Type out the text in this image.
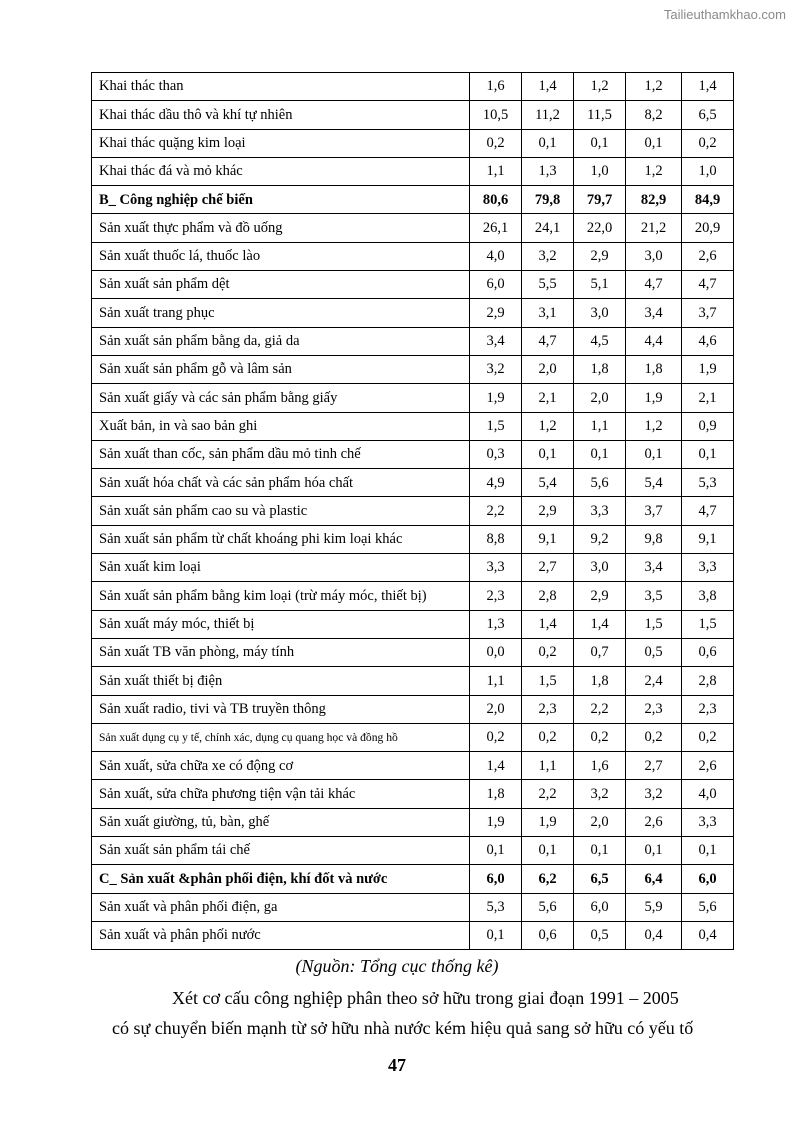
Tailieuthamkhao.com
Khai thác than	1,6	1,4	1,2	1,2	1,4
Khai thác dầu thô và khí tự nhiên	10,5	11,2	11,5	8,2	6,5
Khai thác quặng kim loại	0,2	0,1	0,1	0,1	0,2
Khai thác đá và mỏ khác	1,1	1,3	1,0	1,2	1,0
B_ Công nghiệp chế biến	80,6	79,8	79,7	82,9	84,9
Sản xuất thực phẩm và đồ uống	26,1	24,1	22,0	21,2	20,9
Sản xuất thuốc lá, thuốc lào	4,0	3,2	2,9	3,0	2,6
Sản xuất sản phẩm dệt	6,0	5,5	5,1	4,7	4,7
Sản xuất trang phục	2,9	3,1	3,0	3,4	3,7
Sản xuất sản phẩm bằng da, giả da	3,4	4,7	4,5	4,4	4,6
Sản xuất sản phẩm gỗ và lâm sản	3,2	2,0	1,8	1,8	1,9
Sản xuất giấy và các sản phẩm bằng giấy	1,9	2,1	2,0	1,9	2,1
Xuất bản, in và sao bản ghi	1,5	1,2	1,1	1,2	0,9
Sản xuất than cốc, sản phẩm dầu mỏ tinh chế	0,3	0,1	0,1	0,1	0,1
Sản xuất hóa chất và các sản phẩm hóa chất	4,9	5,4	5,6	5,4	5,3
Sản xuất sản phẩm cao su và plastic	2,2	2,9	3,3	3,7	4,7
Sản xuất sản phẩm từ chất khoáng phi kim loại khác	8,8	9,1	9,2	9,8	9,1
Sản xuất kim loại	3,3	2,7	3,0	3,4	3,3
Sản xuất sản phẩm bằng kim loại (trừ máy móc, thiết bị)	2,3	2,8	2,9	3,5	3,8
Sản xuất máy móc, thiết bị	1,3	1,4	1,4	1,5	1,5
Sản xuất TB văn phòng, máy tính	0,0	0,2	0,7	0,5	0,6
Sản xuất thiết bị điện	1,1	1,5	1,8	2,4	2,8
Sản xuất radio, tivi và TB truyền thông	2,0	2,3	2,2	2,3	2,3
Sản xuất dụng cụ y tế, chính xác, dụng cụ quang học và đồng hồ	0,2	0,2	0,2	0,2	0,2
Sản xuất, sửa chữa xe có động cơ	1,4	1,1	1,6	2,7	2,6
Sản xuất, sửa chữa phương tiện vận tải khác	1,8	2,2	3,2	3,2	4,0
Sản xuất giường, tủ, bàn, ghế	1,9	1,9	2,0	2,6	3,3
Sản xuất sản phẩm tái chế	0,1	0,1	0,1	0,1	0,1
C_ Sản xuất &phân phối điện, khí đốt và nước	6,0	6,2	6,5	6,4	6,0
Sản xuất và phân phối điện, ga	5,3	5,6	6,0	5,9	5,6
Sản xuất và phân phối nước	0,1	0,6	0,5	0,4	0,4
(Nguồn: Tổng cục thống kê)
Xét cơ cấu công nghiệp phân theo sở hữu trong giai đoạn 1991 – 2005
có sự chuyển biến mạnh từ sở hữu nhà nước kém hiệu quả sang sở hữu có yếu tố
47
